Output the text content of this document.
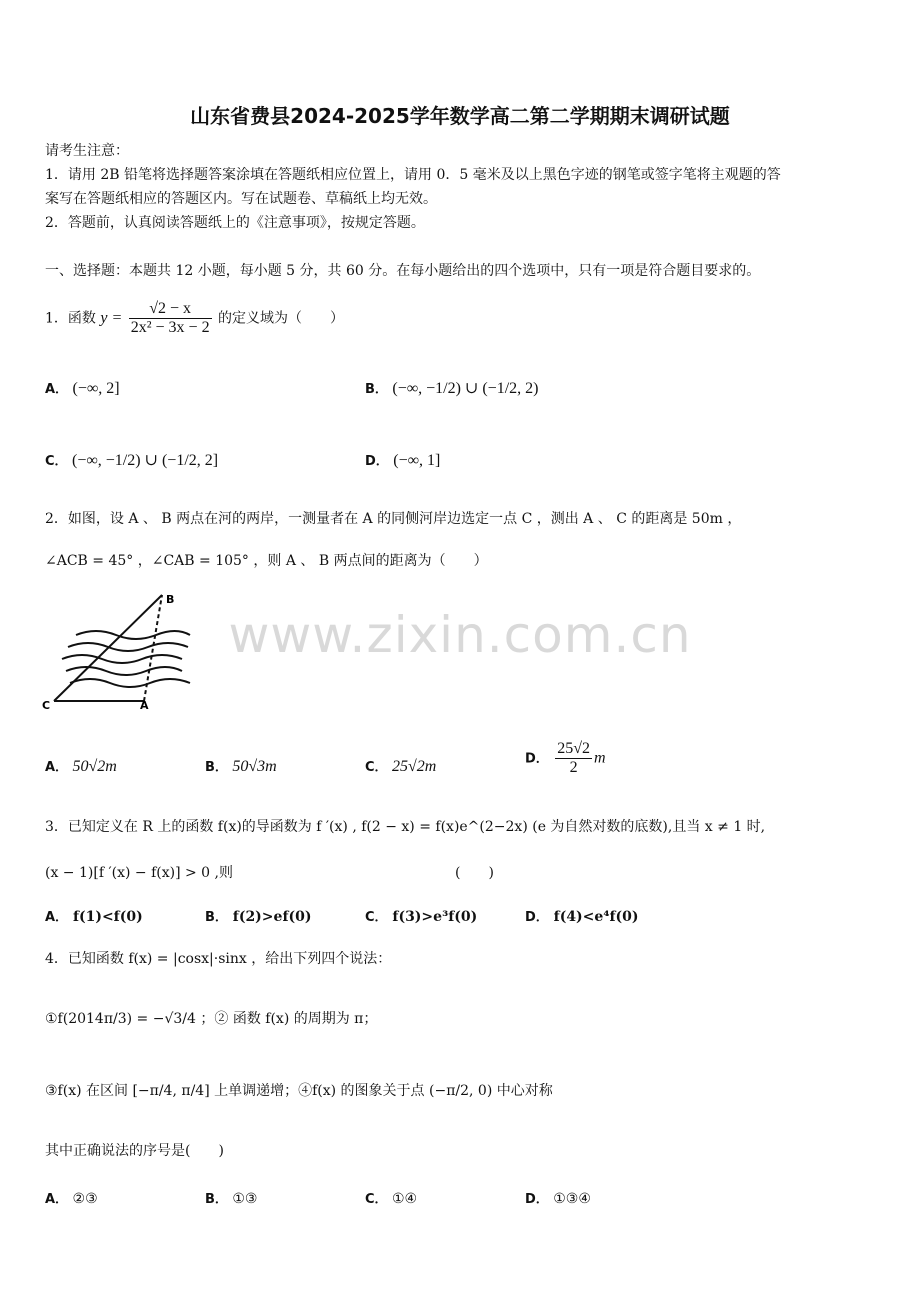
山东省费县2024-2025学年数学高二第二学期期末调研试题
请考生注意：
1．请用 2B 铅笔将选择题答案涂填在答题纸相应位置上，请用 0．5 毫米及以上黑色字迹的钢笔或签字笔将主观题的答
案写在答题纸相应的答题区内。写在试题卷、草稿纸上均无效。
2．答题前，认真阅读答题纸上的《注意事项》，按规定答题。
一、选择题：本题共 12 小题，每小题 5 分，共 60 分。在每小题给出的四个选项中，只有一项是符合题目要求的。
www.zixin.com.cn
1．函数 $y = \frac{√2 - x}{\text{2x² − 3x − 2}}$ 的定义域为（　　）
A． (−∞, 2]	B． (−∞, −1/2) ∪ (−1/2, 2)
C． (−∞, −1/2) ∪ (−1/2, 2]	D． (−∞, 1]
2．如图，设 A 、 B 两点在河的两岸，一测量者在 A 的同侧河岸边选定一点 C ，测出 A 、 C 的距离是 50m ，
∠ACB = 45° ，∠CAB = 105° ，则 A 、 B 两点间的距离为（　　）
B
C	A
A． 50√2m	B． 50√3m	C． 25√2m	D． $\frac{25√2}{2}$ m
3．已知定义在 R 上的函数 f(x)的导函数为 f ′(x) , f(2 − x) = f(x)e^(2−2x) (e 为自然对数的底数),且当 x ≠ 1 时,
(x − 1)[f ′(x) − f(x)] > 0 ,则	(　　)
A． f(1)<f(0)	B． f(2)>ef(0)	C． f(3)>e³f(0)	D． f(4)<e⁴f(0)
4．已知函数 f(x) = |cosx|·sinx ，给出下列四个说法：
①f(2014π/3) = −√3/4 ；② 函数 f(x) 的周期为 π；
③f(x) 在区间 [−π/4, π/4] 上单调递增；④f(x) 的图象关于点 (−π/2, 0) 中心对称
其中正确说法的序号是(　　)
A． ②③	B． ①③	C． ①④	D． ①③④
